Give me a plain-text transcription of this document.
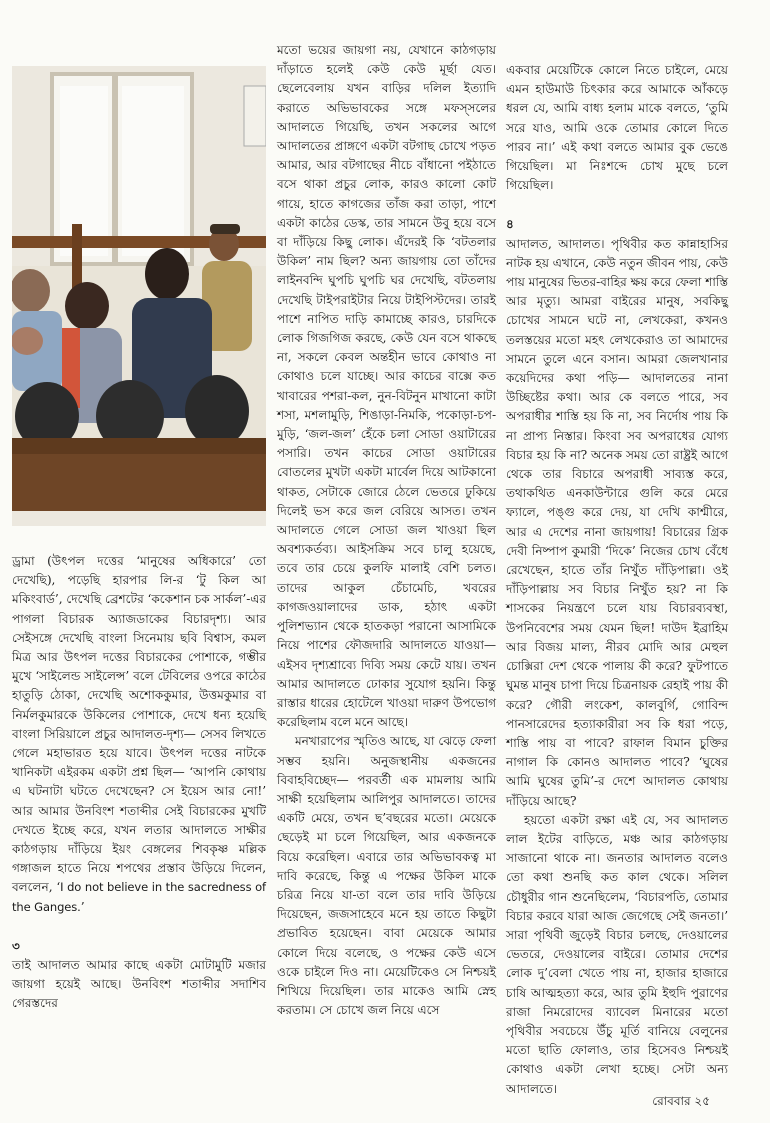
ড্রামা (উৎপল দত্তের ‘মানুষের অধিকারে’ তো দেখেছি), পড়েছি হারপার লি-র ‘টু কিল আ মকিংবার্ড’, দেখেছি ব্রেশটের ‘ককেশান চক সার্কল’-এর পাগলা বিচারক অ্যাজডাকের বিচারদৃশ্য। আর সেইসঙ্গে দেখেছি বাংলা সিনেমায় ছবি বিশ্বাস, কমল মিত্র আর উৎপল দত্তের বিচারকের পোশাকে, গম্ভীর মুখে ‘সাইলেন্ড সাইলেন্স’ বলে টেবিলের ওপরে কাঠের হাতুড়ি ঠোকা, দেখেছি অশোককুমার, উত্তমকুমার বা নির্মলকুমারকে উকিলের পোশাকে, দেখে ধন্য হয়েছি বাংলা সিরিয়ালে প্রচুর আদালত-দৃশ্য— সেসব লিখতে গেলে মহাভারত হয়ে যাবে। উৎপল দত্তের নাটকে খানিকটা এইরকম একটা প্রশ্ন ছিল— ‘আপনি কোথায় এ ঘটনাটা ঘটতে দেখেছেন? সে ইয়েস আর নো!’ আর আমার উনবিংশ শতাব্দীর সেই বিচারকের মুখটি দেখতে ইচ্ছে করে, যখন লতার আদালতে সাক্ষীর কাঠগড়ায় দাঁড়িয়ে ইয়ং বেঙ্গলের শিবকৃষ্ণ মল্লিক গঙ্গাজল হাতে নিয়ে শপথের প্রস্তাব উড়িয়ে দিলেন, বললেন, ‘I do not believe in the sacredness of the Ganges.’

৩

তাই আদালত আমার কাছে একটা মোটামুটি মজার জায়গা হয়েই আছে। উনবিংশ শতাব্দীর সদাশিব গেরস্তদের

মতো ভয়ের জায়গা নয়, যেখানে কাঠগড়ায় দাঁড়াতে হলেই কেউ কেউ মূর্ছা যেত। ছেলেবেলায় যখন বাড়ির দলিল ইত্যাদি করাতে অভিভাবকের সঙ্গে মফস্সলের আদালতে গিয়েছি, তখন সকলের আগে আদালতের প্রাঙ্গণে একটা বটগাছ চোখে পড়ত আমার, আর বটগাছের নীচে বাঁধানো পইঠাতে বসে থাকা প্রচুর লোক, কারও কালো কোট গায়ে, হাতে কাগজের তাঁজ করা তাড়া, পাশে একটা কাঠের ডেস্ক, তার সামনে উবু হয়ে বসে বা দাঁড়িয়ে কিছু লোক। এঁদেরই কি ‘বটতলার উকিল’ নাম ছিল? অন্য জায়গায় তো তাঁদের লাইনবন্দি ঘুপচি ঘুপচি ঘর দেখেছি, বটতলায় দেখেছি টাইপরাইটার নিয়ে টাইপিস্টদের। তারই পাশে নাপিত দাড়ি কামাচ্ছে কারও, চারদিকে লোক গিজগিজ করছে, কেউ যেন বসে থাকছে না, সকলে কেবল অন্তহীন ভাবে কোথাও না কোথাও চলে যাচ্ছে। আর কাচের বাক্সে কত খাবারের পশরা-কল, নুন-বিটনুন মাখানো কাটা শসা, মশলামুড়ি, শিঙাড়া-নিমকি, পকোড়া-চপ-মুড়ি, ‘জল-জল’ হেঁকে চলা সোডা ওয়াটারের পসারি। তখন কাচের সোডা ওয়াটারের বোতলের মুখটা একটা মার্বেল দিয়ে আটকানো থাকত, সেটাকে জোরে ঠেলে ভেতরে ঢুকিয়ে দিলেই ভস করে জল বেরিয়ে আসত। তখন আদালতে গেলে সোডা জল খাওয়া ছিল অবশ্যকর্তব্য। আইসক্রিম সবে চালু হয়েছে, তবে তার চেয়ে কুলফি মালাই বেশি চলত। তাদের আকুল চেঁচামেচি, খবরের কাগজওয়ালাদের ডাক, হঠাৎ একটা পুলিশভ্যান থেকে হাতকড়া পরানো আসামিকে নিয়ে পাশের ফৌজদারি আদালতে যাওয়া— এইসব দৃশ্যশ্রাব্যে দিব্যি সময় কেটে যায়। তখন আমার আদালতে ঢোকার সুযোগ হয়নি। কিন্তু রাস্তার ধারের হোটেলে খাওয়া দারুণ উপভোগ করেছিলাম বলে মনে আছে।

মনখারাপের স্মৃতিও আছে, যা ঝেড়ে ফেলা সম্ভব হয়নি। অনুজস্থানীয় একজনের বিবাহবিচ্ছেদ— পরবর্তী এক মামলায় আমি সাক্ষী হয়েছিলাম আলিপুর আদালতে। তাদের একটি মেয়ে, তখন ছ’বছরের মতো। মেয়েকে ছেড়েই মা চলে গিয়েছিল, আর একজনকে বিয়ে করেছিল। এবারে তার অভিভাবকত্ব মা দাবি করেছে, কিন্তু এ পক্ষের উকিল মাকে চরিত্র নিয়ে যা-তা বলে তার দাবি উড়িয়ে দিয়েছেন, জজসাহেবে মনে হয় তাতে কিছুটা প্রভাবিত হয়েছেন। বাবা মেয়েকে আমার কোলে দিয়ে বলেছে, ও পক্ষের কেউ এসে ওকে চাইলে দিও না। মেয়েটিকেও সে নিশ্চয়ই শিখিয়ে দিয়েছিল। তার মাকেও আমি স্নেহ করতাম। সে চোখে জল নিয়ে এসে

একবার মেয়েটিকে কোলে নিতে চাইলে, মেয়ে এমন হাউমাউ চিৎকার করে আমাকে আঁকড়ে ধরল যে, আমি বাধ্য হলাম মাকে বলতে, ‘তুমি সরে যাও, আমি ওকে তোমার কোলে দিতে পারব না।’ এই কথা বলতে আমার বুক ভেঙে গিয়েছিল। মা নিঃশব্দে চোখ মুছে চলে গিয়েছিল।

৪

আদালত, আদালত। পৃথিবীর কত কান্নাহাসির নাটক হয় এখানে, কেউ নতুন জীবন পায়, কেউ পায় মানুষের ভিতর-বাহির ক্ষয় করে ফেলা শাস্তি আর মৃত্যু। আমরা বাইরের মানুষ, সবকিছু চোখের সামনে ঘটে না, লেখকেরা, কখনও তলস্তয়ের মতো মহৎ লেখকেরাও তা আমাদের সামনে তুলে এনে বসান। আমরা জেলখানার কয়েদিদের কথা পড়ি— আদালতের নানা উচ্ছিষ্টের কথা। আর কে বলতে পারে, সব অপরাধীর শাস্তি হয় কি না, সব নির্দোষ পায় কি না প্রাপ্য নিস্তার। কিংবা সব অপরাধের যোগ্য বিচার হয় কি না? অনেক সময় তো রাষ্ট্রই আগে থেকে তার বিচারে অপরাধী সাব্যস্ত করে, তথাকথিত এনকাউন্টারে গুলি করে মেরে ফ্যালে, পঙ্গু করে দেয়, যা দেখি কাশ্মীরে, আর এ দেশের নানা জায়গায়! বিচারের গ্রিক দেবী নিষ্পাপ কুমারী ‘দিকে’ নিজের চোখ বেঁধে রেখেছেন, হাতে তাঁর নিখুঁত দাঁড়িপাল্লা। ওই দাঁড়িপাল্লায় সব বিচার নিখুঁত হয়? না কি শাসকের নিয়ন্ত্রণে চলে যায় বিচারব্যবস্থা, উপনিবেশের সময় যেমন ছিল! দাউদ ইব্রাহিম আর বিজয় মাল্য, নীরব মোদি আর মেহুল চোক্সিরা দেশ থেকে পালায় কী করে? ফুটপাতে ঘুমন্ত মানুষ চাপা দিয়ে চিত্রনায়ক রেহাই পায় কী করে? গৌরী লংকেশ, কালবুর্গি, গোবিন্দ পানসারেদের হত্যাকারীরা সব কি ধরা পড়ে, শাস্তি পায় বা পাবে? রাফাল বিমান চুক্তির নাগাল কি কোনও আদালত পাবে? ‘ঘুষের আমি ঘুষের তুমি’-র দেশে আদালত কোথায় দাঁড়িয়ে আছে?

হয়তো একটা রক্ষা এই যে, সব আদালত লাল ইটের বাড়িতে, মঞ্চ আর কাঠগড়ায় সাজানো থাকে না। জনতার আদালত বলেও তো কথা শুনছি কত কাল থেকে। সলিল চৌধুরীর গান শুনেছিলেম, ‘বিচারপতি, তোমার বিচার করবে যারা আজ জেগেছে সেই জনতা।’ সারা পৃথিবী জুড়েই বিচার চলছে, দেওয়ালের ভেতরে, দেওয়ালের বাইরে। তোমার দেশের লোক দু’বেলা খেতে পায় না, হাজার হাজারে চাষি আত্মহত্যা করে, আর তুমি ইহুদি পুরাণের রাজা নিমরোদের ব্যাবেল মিনারের মতো পৃথিবীর সবচেয়ে উঁচু মূর্তি বানিয়ে বেলুনের মতো ছাতি ফোলাও, তার হিসেবও নিশ্চয়ই কোথাও একটা লেখা হচ্ছে। সেটা অন্য আদালতে।

রোববার ২৫
